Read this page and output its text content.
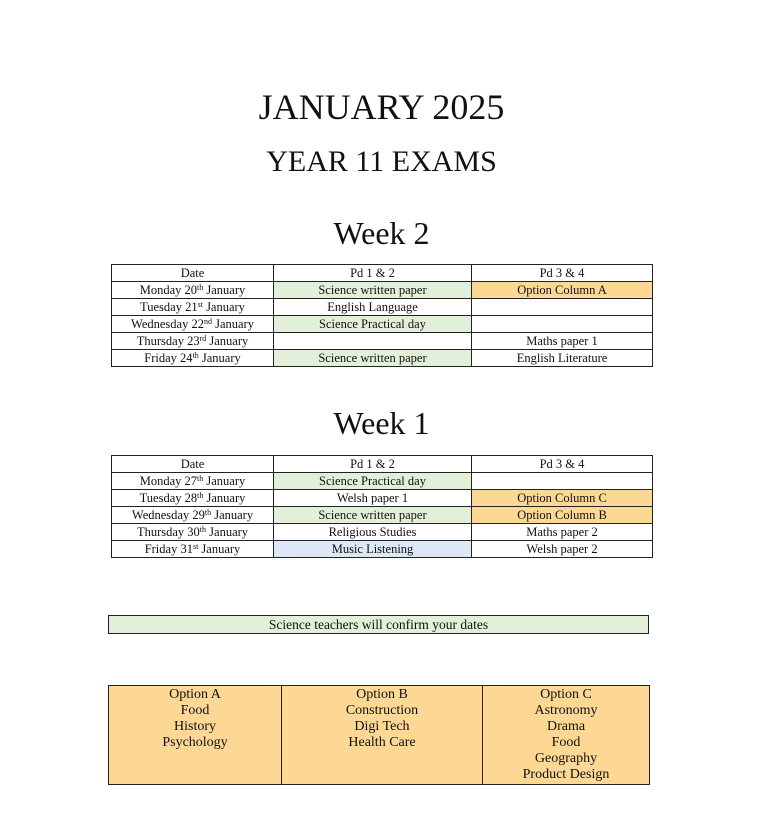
JANUARY 2025
YEAR 11 EXAMS
Week 2
Date	Pd 1 & 2	Pd 3 & 4
Monday 20th January	Science written paper	Option Column A
Tuesday 21st January	English Language	
Wednesday 22nd January	Science Practical day	
Thursday 23rd January		Maths paper 1
Friday 24th January	Science written paper	English Literature
Week 1
Date	Pd 1 & 2	Pd 3 & 4
Monday 27th January	Science Practical day	
Tuesday 28th January	Welsh paper 1	Option Column C
Wednesday 29th January	Science written paper	Option Column B
Thursday 30th January	Religious Studies	Maths paper 2
Friday 31st January	Music Listening	Welsh paper 2
Science teachers will confirm your dates
Option A
Food
History
Psychology

Option B
Construction
Digi Tech
Health Care

Option C
Astronomy
Drama
Food
Geography
Product Design
